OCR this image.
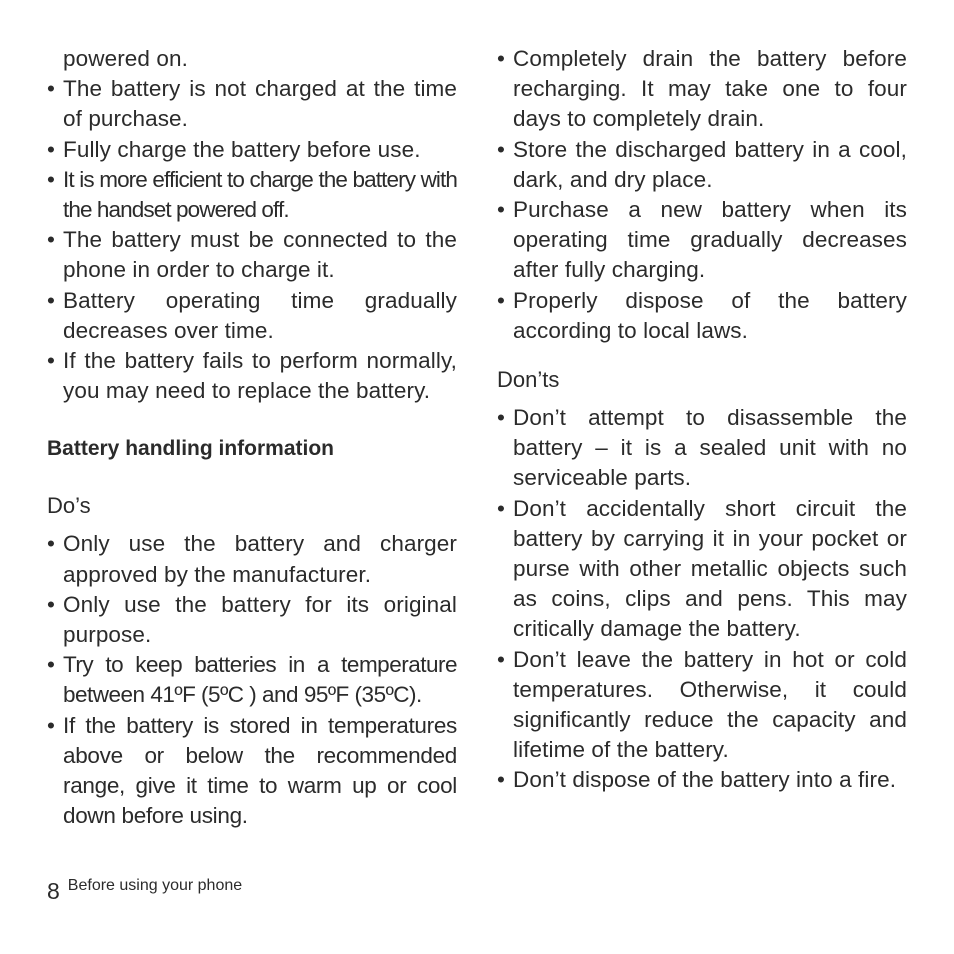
powered on.
• The battery is not charged at the time of purchase.
• Fully charge the battery before use.
• It is more efficient to charge the battery with the handset powered off.
• The battery must be connected to the phone in order to charge it.
• Battery operating time gradually decreases over time.
• If the battery fails to perform normally, you may need to replace the battery.
Battery handling information
Do’s
• Only use the battery and charger approved by the manufacturer.
• Only use the battery for its original purpose.
• Try to keep batteries in a temperature between 41ºF (5ºC ) and 95ºF (35ºC).
• If the battery is stored in temperatures above or below the recommended range, give it time to warm up or cool down before using.
• Completely drain the battery before recharging. It may take one to four days to completely drain.
• Store the discharged battery in a cool, dark, and dry place.
• Purchase a new battery when its operating time gradually decreases after fully charging.
• Properly dispose of the battery according to local laws.
Don’ts
• Don’t attempt to disassemble the battery – it is a sealed unit with no serviceable parts.
• Don’t accidentally short circuit the battery by carrying it in your pocket or purse with other metallic objects such as coins, clips and pens. This may critically damage the battery.
• Don’t leave the battery in hot or cold temperatures. Otherwise, it could significantly reduce the capacity and lifetime of the battery.
• Don’t dispose of the battery into a fire.
8 Before using your phone
